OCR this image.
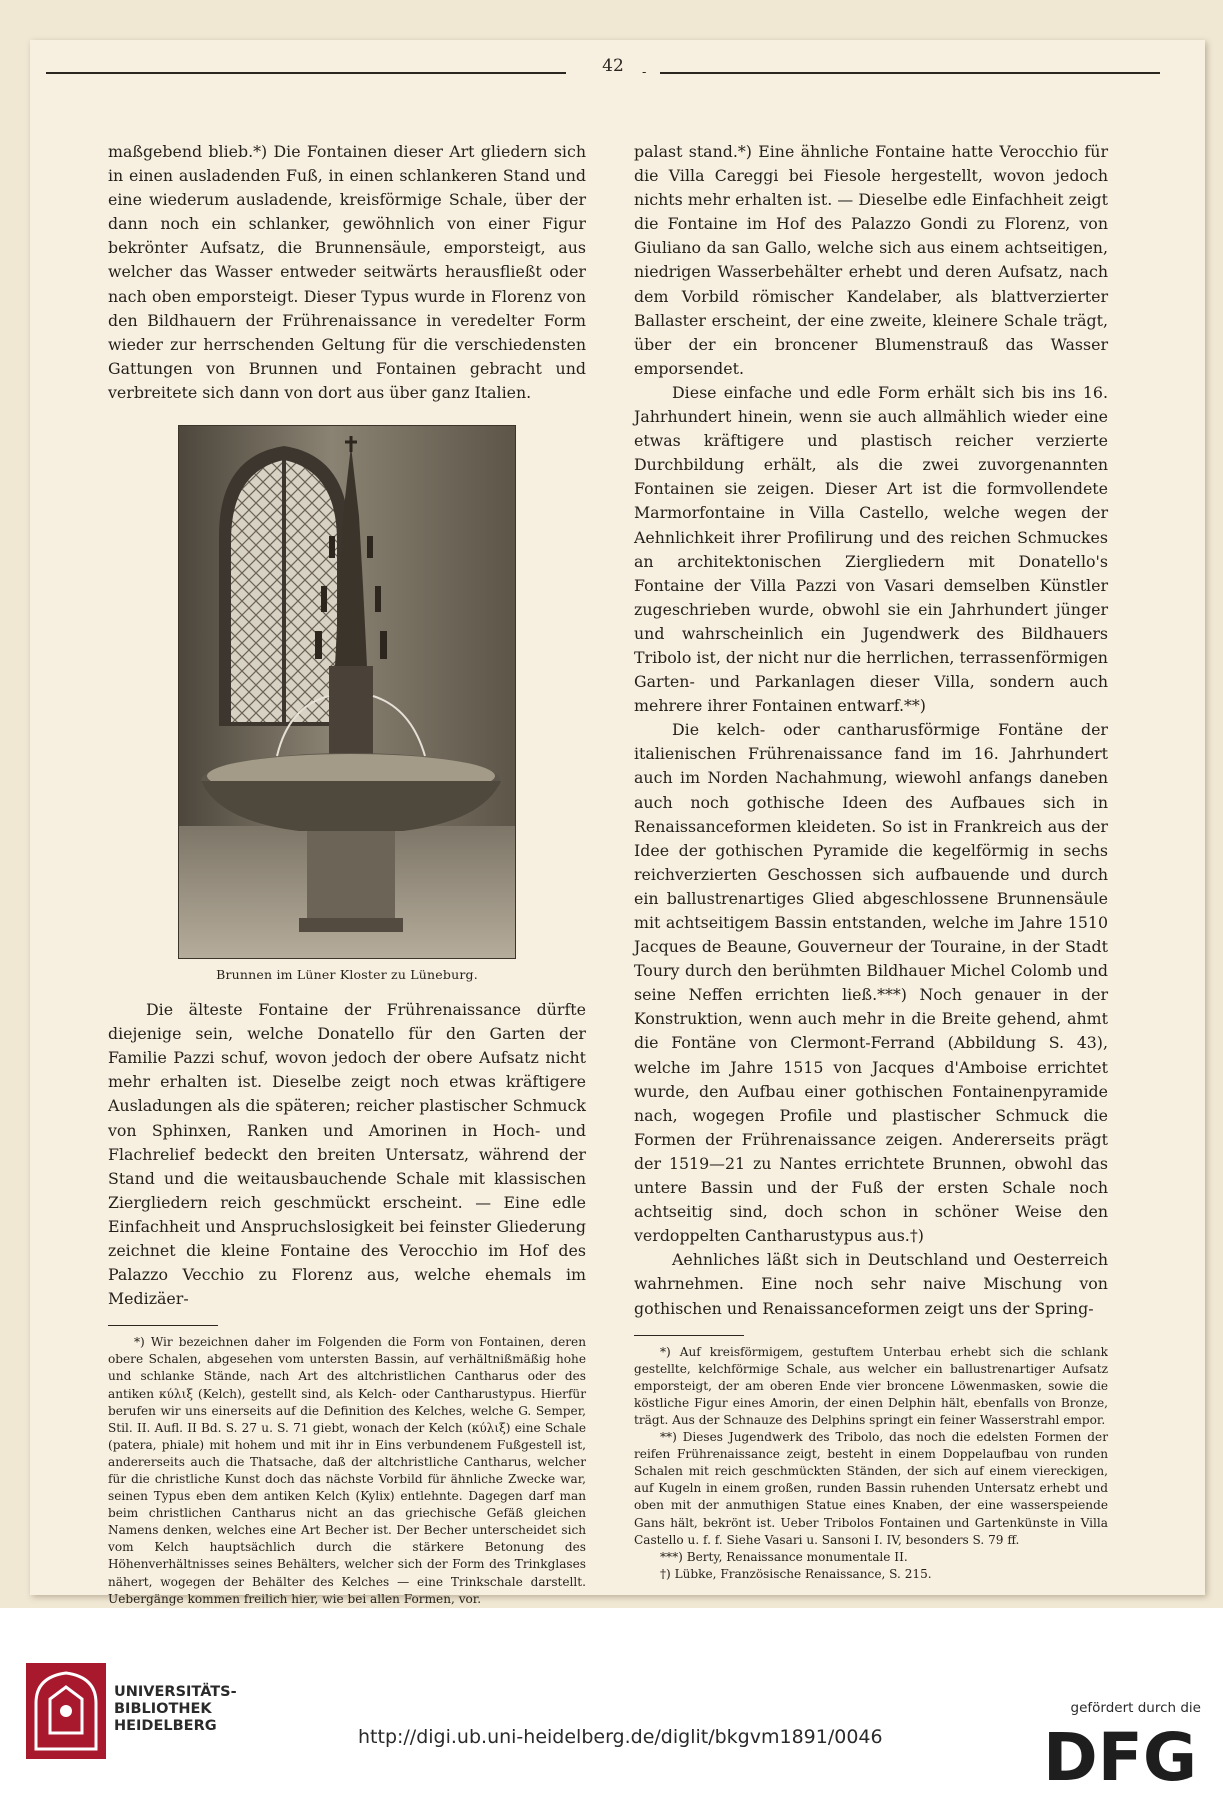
-	42	-

maßgebend blieb.*) Die Fontainen dieser Art gliedern sich in einen ausladenden Fuß, in einen schlankeren Stand und eine wiederum ausladende, kreisförmige Schale, über der dann noch ein schlanker, gewöhnlich von einer Figur bekrönter Aufsatz, die Brunnensäule, emporsteigt, aus welcher das Wasser entweder seitwärts herausfließt oder nach oben emporsteigt. Dieser Typus wurde in Florenz von den Bildhauern der Frührenaissance in veredelter Form wieder zur herrschenden Geltung für die verschiedensten Gattungen von Brunnen und Fontainen gebracht und verbreitete sich dann von dort aus über ganz Italien.

Brunnen im Lüner Kloster zu Lüneburg.

Die älteste Fontaine der Frührenaissance dürfte diejenige sein, welche Donatello für den Garten der Familie Pazzi schuf, wovon jedoch der obere Aufsatz nicht mehr erhalten ist. Dieselbe zeigt noch etwas kräftigere Ausladungen als die späteren; reicher plastischer Schmuck von Sphinxen, Ranken und Amorinen in Hoch- und Flachrelief bedeckt den breiten Untersatz, während der Stand und die weitausbauchende Schale mit klassischen Ziergliedern reich geschmückt erscheint. — Eine edle Einfachheit und Anspruchslosigkeit bei feinster Gliederung zeichnet die kleine Fontaine des Verocchio im Hof des Palazzo Vecchio zu Florenz aus, welche ehemals im Medizäer-

*) Wir bezeichnen daher im Folgenden die Form von Fontainen, deren obere Schalen, abgesehen vom untersten Bassin, auf verhältnißmäßig hohe und schlanke Stände, nach Art des altchristlichen Cantharus oder des antiken κύλιξ (Kelch), gestellt sind, als Kelch- oder Cantharustypus. Hierfür berufen wir uns einerseits auf die Definition des Kelches, welche G. Semper, Stil. II. Aufl. II Bd. S. 27 u. S. 71 giebt, wonach der Kelch (κύλιξ) eine Schale (patera, phiale) mit hohem und mit ihr in Eins verbundenem Fußgestell ist, andererseits auch die Thatsache, daß der altchristliche Cantharus, welcher für die christliche Kunst doch das nächste Vorbild für ähnliche Zwecke war, seinen Typus eben dem antiken Kelch (Kylix) entlehnte. Dagegen darf man beim christlichen Cantharus nicht an das griechische Gefäß gleichen Namens denken, welches eine Art Becher ist. Der Becher unterscheidet sich vom Kelch hauptsächlich durch die stärkere Betonung des Höhenverhältnisses seines Behälters, welcher sich der Form des Trinkglases nähert, wogegen der Behälter des Kelches — eine Trinkschale darstellt. Uebergänge kommen freilich hier, wie bei allen Formen, vor.

palast stand.*) Eine ähnliche Fontaine hatte Verocchio für die Villa Careggi bei Fiesole hergestellt, wovon jedoch nichts mehr erhalten ist. — Dieselbe edle Einfachheit zeigt die Fontaine im Hof des Palazzo Gondi zu Florenz, von Giuliano da san Gallo, welche sich aus einem achtseitigen, niedrigen Wasserbehälter erhebt und deren Aufsatz, nach dem Vorbild römischer Kandelaber, als blattverzierter Ballaster erscheint, der eine zweite, kleinere Schale trägt, über der ein broncener Blumenstrauß das Wasser emporsendet.

Diese einfache und edle Form erhält sich bis ins 16. Jahrhundert hinein, wenn sie auch allmählich wieder eine etwas kräftigere und plastisch reicher verzierte Durchbildung erhält, als die zwei zuvorgenannten Fontainen sie zeigen. Dieser Art ist die formvollendete Marmorfontaine in Villa Castello, welche wegen der Aehnlichkeit ihrer Profilirung und des reichen Schmuckes an architektonischen Ziergliedern mit Donatello's Fontaine der Villa Pazzi von Vasari demselben Künstler zugeschrieben wurde, obwohl sie ein Jahrhundert jünger und wahrscheinlich ein Jugendwerk des Bildhauers Tribolo ist, der nicht nur die herrlichen, terrassenförmigen Garten- und Parkanlagen dieser Villa, sondern auch mehrere ihrer Fontainen entwarf.**)

Die kelch- oder cantharusförmige Fontäne der italienischen Frührenaissance fand im 16. Jahrhundert auch im Norden Nachahmung, wiewohl anfangs daneben auch noch gothische Ideen des Aufbaues sich in Renaissanceformen kleideten. So ist in Frankreich aus der Idee der gothischen Pyramide die kegelförmig in sechs reichverzierten Geschossen sich aufbauende und durch ein ballustrenartiges Glied abgeschlossene Brunnensäule mit achtseitigem Bassin entstanden, welche im Jahre 1510 Jacques de Beaune, Gouverneur der Touraine, in der Stadt Toury durch den berühmten Bildhauer Michel Colomb und seine Neffen errichten ließ.***) Noch genauer in der Konstruktion, wenn auch mehr in die Breite gehend, ahmt die Fontäne von Clermont-Ferrand (Abbildung S. 43), welche im Jahre 1515 von Jacques d'Amboise errichtet wurde, den Aufbau einer gothischen Fontainenpyramide nach, wogegen Profile und plastischer Schmuck die Formen der Frührenaissance zeigen. Andererseits prägt der 1519—21 zu Nantes errichtete Brunnen, obwohl das untere Bassin und der Fuß der ersten Schale noch achtseitig sind, doch schon in schöner Weise den verdoppelten Cantharustypus aus.†)

Aehnliches läßt sich in Deutschland und Oesterreich wahrnehmen. Eine noch sehr naive Mischung von gothischen und Renaissanceformen zeigt uns der Spring-

*) Auf kreisförmigem, gestuftem Unterbau erhebt sich die schlank gestellte, kelchförmige Schale, aus welcher ein ballustrenartiger Aufsatz emporsteigt, der am oberen Ende vier broncene Löwenmasken, sowie die köstliche Figur eines Amorin, der einen Delphin hält, ebenfalls von Bronze, trägt. Aus der Schnauze des Delphins springt ein feiner Wasserstrahl empor.

**) Dieses Jugendwerk des Tribolo, das noch die edelsten Formen der reifen Frührenaissance zeigt, besteht in einem Doppelaufbau von runden Schalen mit reich geschmückten Ständen, der sich auf einem viereckigen, auf Kugeln in einem großen, runden Bassin ruhenden Untersatz erhebt und oben mit der anmuthigen Statue eines Knaben, der eine wasserspeiende Gans hält, bekrönt ist. Ueber Tribolos Fontainen und Gartenkünste in Villa Castello u. f. f. Siehe Vasari u. Sansoni I. IV, besonders S. 79 ff.

***) Berty, Renaissance monumentale II.

†) Lübke, Französische Renaissance, S. 215.

UNIVERSITÄTS-
BIBLIOTHEK
HEIDELBERG	http://digi.ub.uni-heidelberg.de/diglit/bkgvm1891/0046
gefördert durch die
DFG
